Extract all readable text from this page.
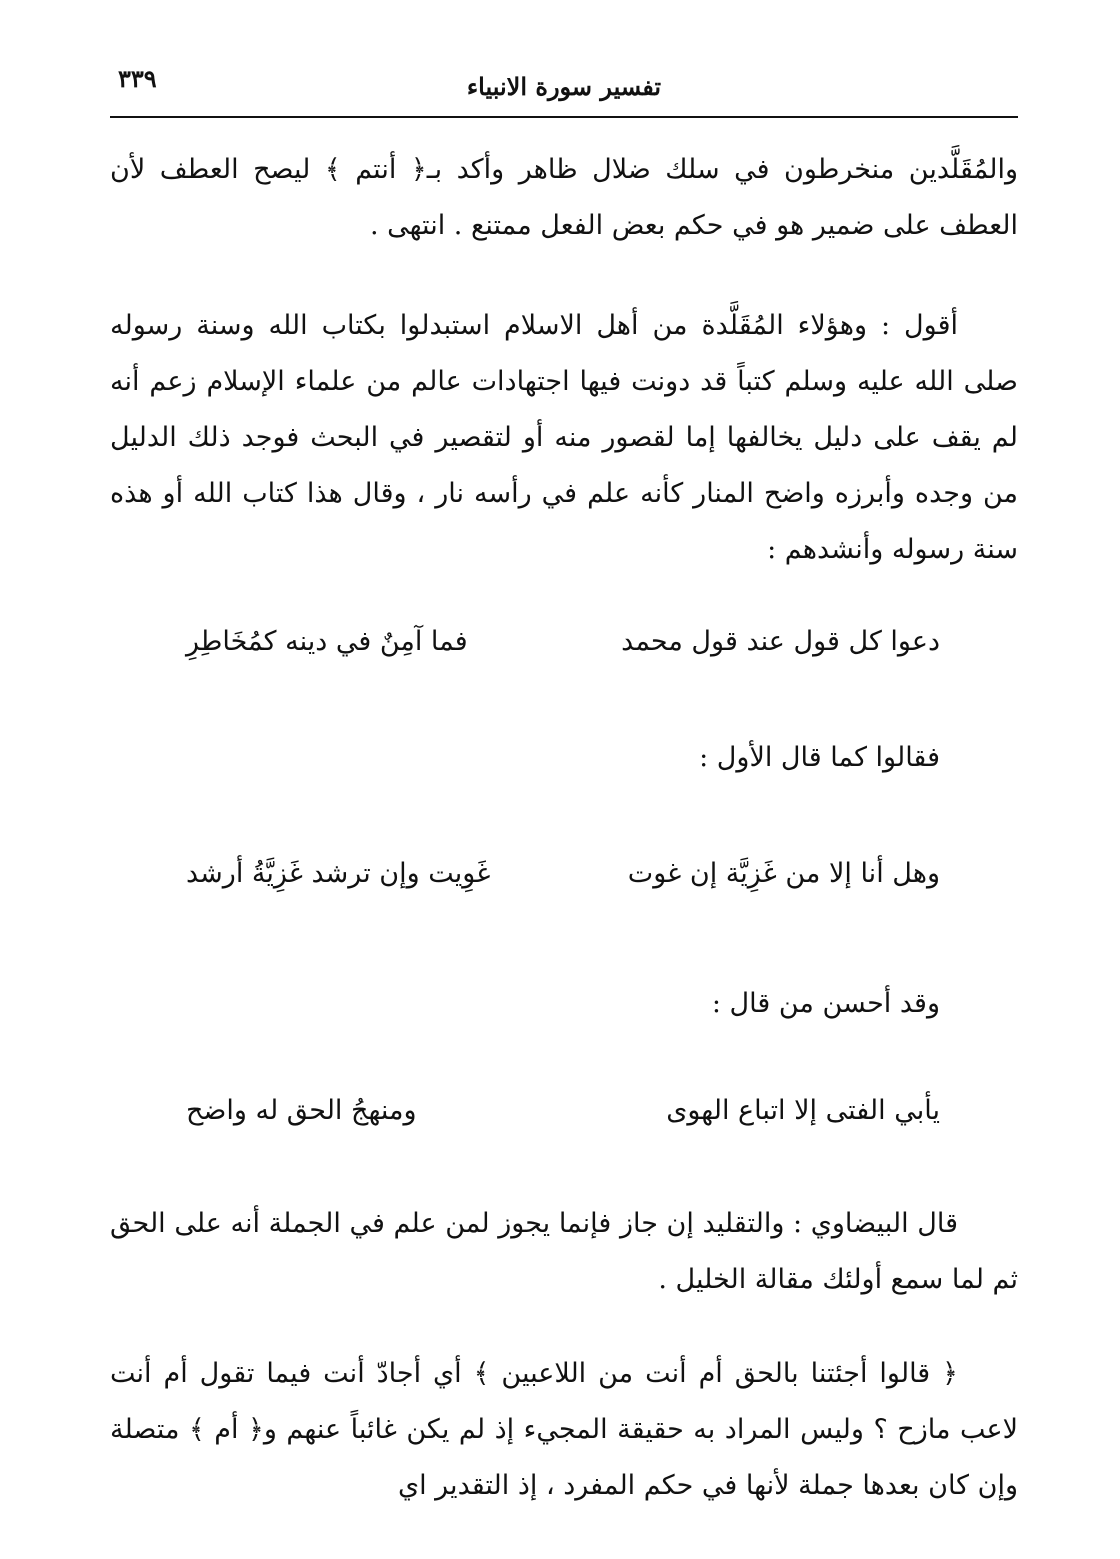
تفسير سورة الانبياء
٣٣٩

والمُقَلَّدين منخرطون في سلك ضلال ظاهر وأكد بـ﴿ أنتم ﴾ ليصح العطف لأن العطف على ضمير هو في حكم بعض الفعل ممتنع . انتهى .

أقول : وهؤلاء المُقَلَّدة من أهل الاسلام استبدلوا بكتاب الله وسنة رسوله صلى الله عليه وسلم كتباً قد دونت فيها اجتهادات عالم من علماء الإسلام زعم أنه لم يقف على دليل يخالفها إما لقصور منه أو لتقصير في البحث فوجد ذلك الدليل من وجده وأبرزه واضح المنار كأنه علم في رأسه نار ، وقال هذا كتاب الله أو هذه سنة رسوله وأنشدهم :

دعوا كل قول عند قول محمد
فما آمِنٌ في دينه كمُخَاطِرِ
فقالوا كما قال الأول :
وهل أنا إلا من غَزِيَّة إن غوت
غَوِيت وإن ترشد غَزِيَّةُ أرشد
وقد أحسن من قال :
يأبي الفتى إلا اتباع الهوى
ومنهجُ الحق له واضح

قال البيضاوي : والتقليد إن جاز فإنما يجوز لمن علم في الجملة أنه على الحق ثم لما سمع أولئك مقالة الخليل .

﴿ قالوا أجئتنا بالحق أم أنت من اللاعبين ﴾ أي أجادّ أنت فيما تقول أم أنت لاعب مازح ؟ وليس المراد به حقيقة المجيء إذ لم يكن غائباً عنهم و﴿ أم ﴾ متصلة وإن كان بعدها جملة لأنها في حكم المفرد ، إذ التقدير اي
